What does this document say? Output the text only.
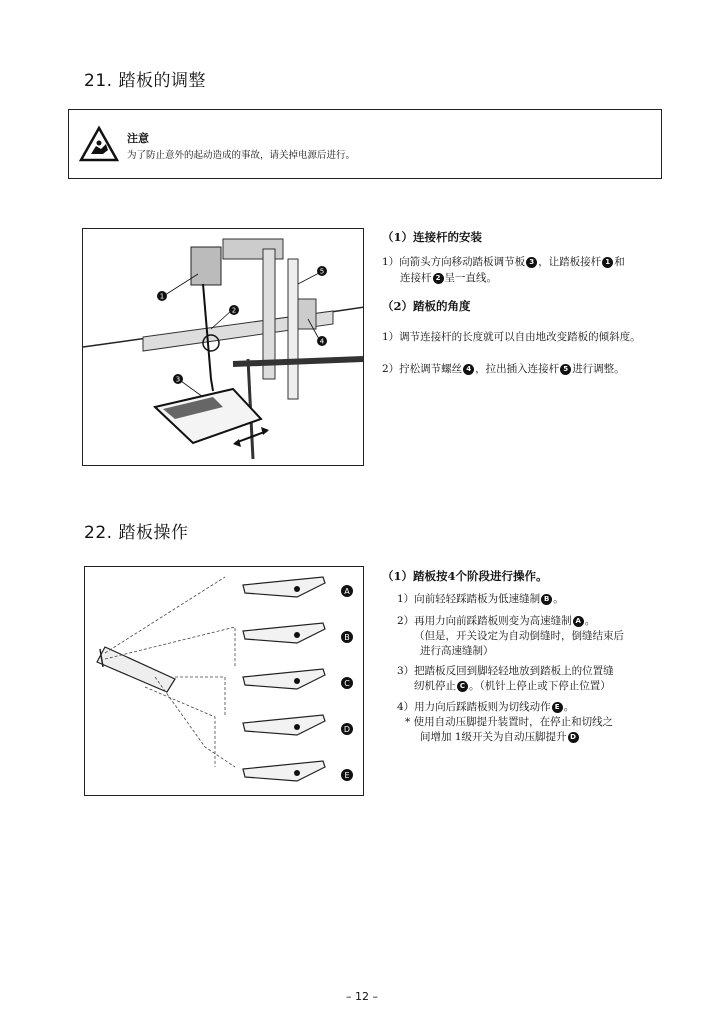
21. 踏板的调整
注意
为了防止意外的起动造成的事故，请关掉电源后进行。
1
2
3
4
5
（1）连接杆的安装
1）向箭头方向移动踏板调节板 3 ，让踏板接杆 1 和
连接杆 2 呈一直线。
（2）踏板的角度
1）调节连接杆的长度就可以自由地改变踏板的倾斜度。
2）拧松调节螺丝 4 ，拉出插入连接杆 5 进行调整。
22. 踏板操作
A
B
C
D
E
（1）踏板按4个阶段进行操作。
1）向前轻轻踩踏板为低速缝制 B 。
2）再用力向前踩踏板则变为高速缝制 A 。
（但是，开关设定为自动倒缝时，倒缝结束后
进行高速缝制）
3）把踏板反回到脚轻轻地放到踏板上的位置缝
纫机停止 C 。（机针上停止或下停止位置）
4）用力向后踩踏板则为切线动作 E 。
* 使用自动压脚提升装置时，在停止和切线之
间增加 1级开关为自动压脚提升 D
– 12 –
